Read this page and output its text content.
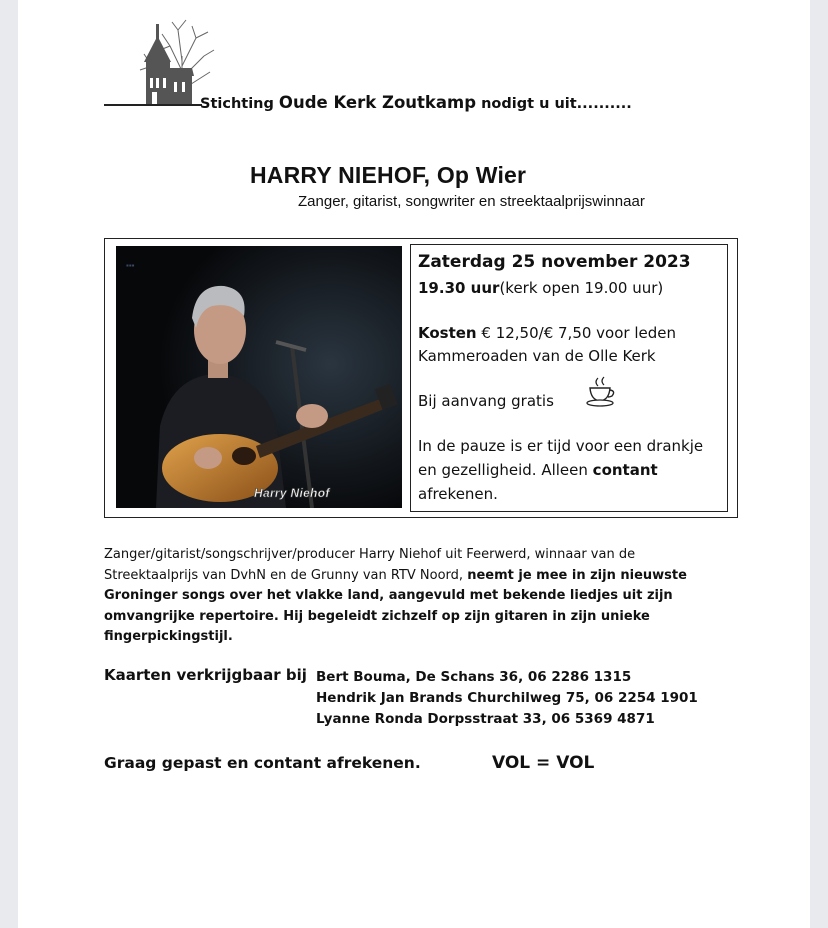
Stichting Oude Kerk Zoutkamp nodigt u uit..........
HARRY NIEHOF, Op Wier
Zanger, gitarist, songwriter en streektaalprijswinnaar
▪▪▪
Harry Niehof
Zaterdag 25 november 2023
19.30 uur(kerk open 19.00 uur)
Kosten € 12,50/€ 7,50 voor leden
Kammeroaden van de Olle Kerk
Bij aanvang gratis
In de pauze is er tijd voor een drankje
en gezelligheid. Alleen contant
afrekenen.
Zanger/gitarist/songschrijver/producer Harry Niehof uit Feerwerd, winnaar van de
Streektaalprijs van DvhN en de Grunny van RTV Noord, neemt je mee in zijn nieuwste
Groninger songs over het vlakke land, aangevuld met bekende liedjes uit zijn
omvangrijke repertoire. Hij begeleidt zichzelf op zijn gitaren in zijn unieke
fingerpickingstijl.
Kaarten verkrijgbaar bij Bert Bouma, De Schans 36, 06 2286 1315
Hendrik Jan Brands Churchilweg 75, 06 2254 1901
Lyanne Ronda Dorpsstraat 33, 06 5369 4871
Graag gepast en contant afrekenen.	VOL = VOL
